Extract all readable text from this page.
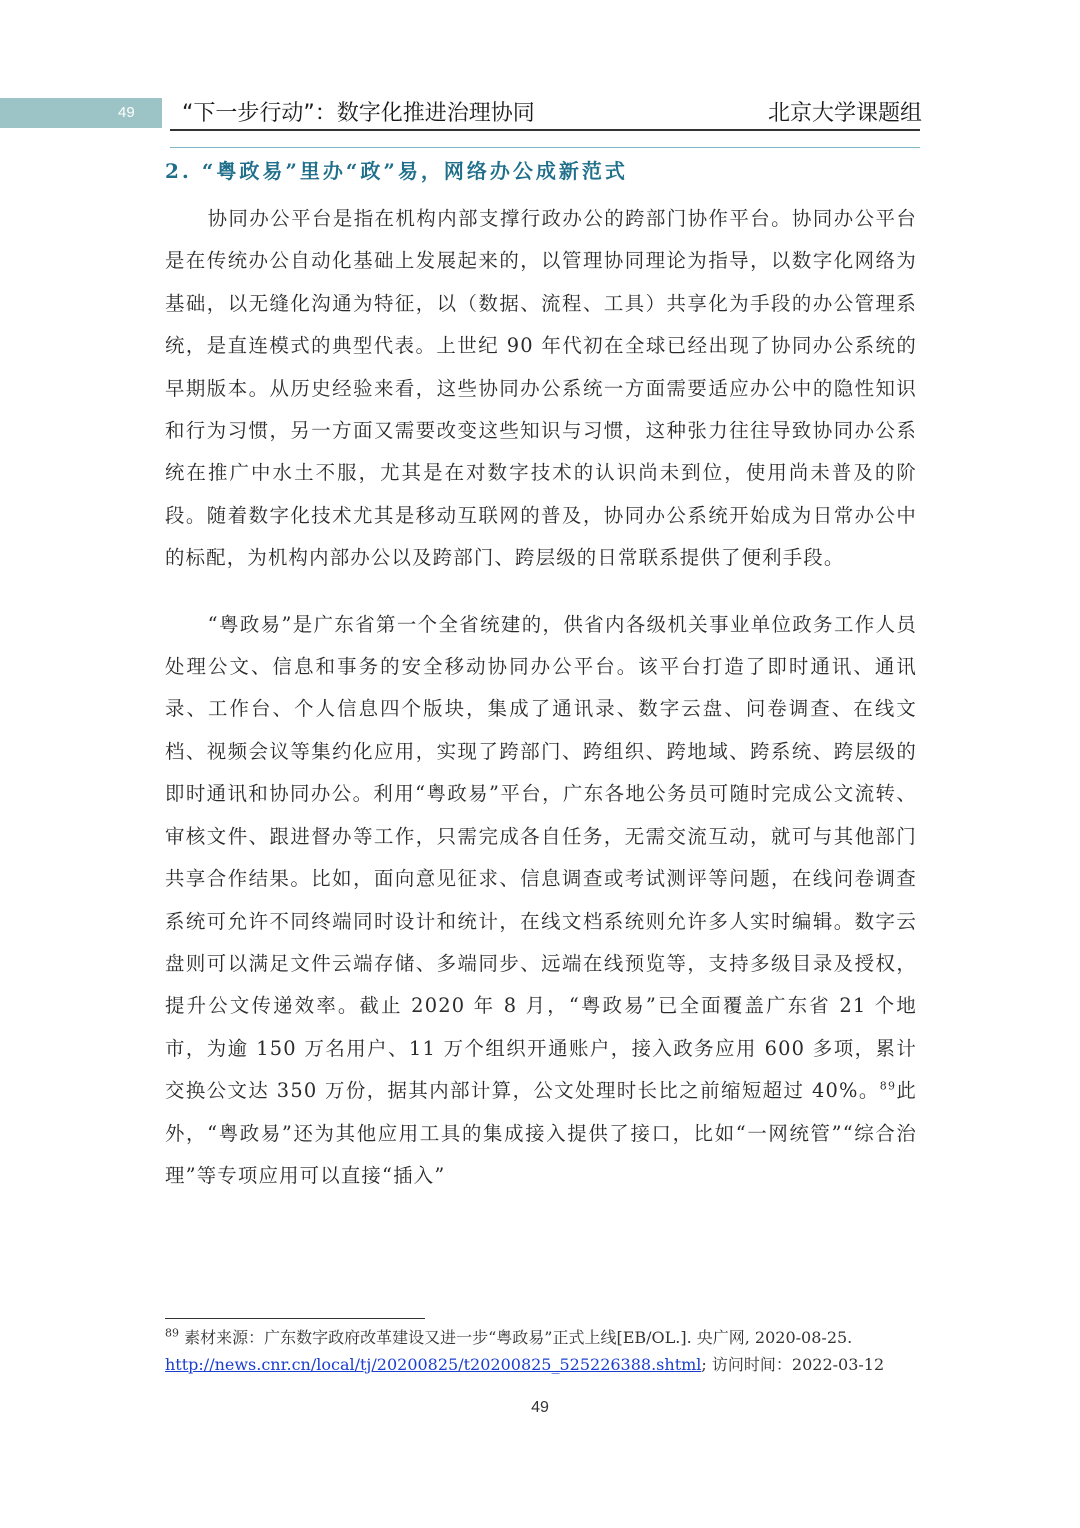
49	“下一步行动”：数字化推进治理协同	北京大学课题组
2. “粤政易”里办“政”易，网络办公成新范式

协同办公平台是指在机构内部支撑行政办公的跨部门协作平台。协同办公平台是在传统办公自动化基础上发展起来的，以管理协同理论为指导，以数字化网络为基础，以无缝化沟通为特征，以（数据、流程、工具）共享化为手段的办公管理系统，是直连模式的典型代表。上世纪 90 年代初在全球已经出现了协同办公系统的早期版本。从历史经验来看，这些协同办公系统一方面需要适应办公中的隐性知识和行为习惯，另一方面又需要改变这些知识与习惯，这种张力往往导致协同办公系统在推广中水土不服，尤其是在对数字技术的认识尚未到位，使用尚未普及的阶段。随着数字化技术尤其是移动互联网的普及，协同办公系统开始成为日常办公中的标配，为机构内部办公以及跨部门、跨层级的日常联系提供了便利手段。

“粤政易”是广东省第一个全省统建的，供省内各级机关事业单位政务工作人员处理公文、信息和事务的安全移动协同办公平台。该平台打造了即时通讯、通讯录、工作台、个人信息四个版块，集成了通讯录、数字云盘、问卷调查、在线文档、视频会议等集约化应用，实现了跨部门、跨组织、跨地域、跨系统、跨层级的即时通讯和协同办公。利用“粤政易”平台，广东各地公务员可随时完成公文流转、审核文件、跟进督办等工作，只需完成各自任务，无需交流互动，就可与其他部门共享合作结果。比如，面向意见征求、信息调查或考试测评等问题，在线问卷调查系统可允许不同终端同时设计和统计，在线文档系统则允许多人实时编辑。数字云盘则可以满足文件云端存储、多端同步、远端在线预览等，支持多级目录及授权，提升公文传递效率。截止 2020 年 8 月，“粤政易”已全面覆盖广东省 21 个地市，为逾 150 万名用户、11 万个组织开通账户，接入政务应用 600 多项，累计交换公文达 350 万份，据其内部计算，公文处理时长比之前缩短超过 40%。$^{89}$此外，“粤政易”还为其他应用工具的集成接入提供了接口，比如“一网统管”“综合治理”等专项应用可以直接“插入”

$^{89}$ 素材来源：广东数字政府改革建设又进一步“粤政易”正式上线[EB/OL.]. 央广网, 2020-08-25. http://news.cnr.cn/local/tj/20200825/t20200825_525226388.shtml; 访问时间：2022-03-12
49
